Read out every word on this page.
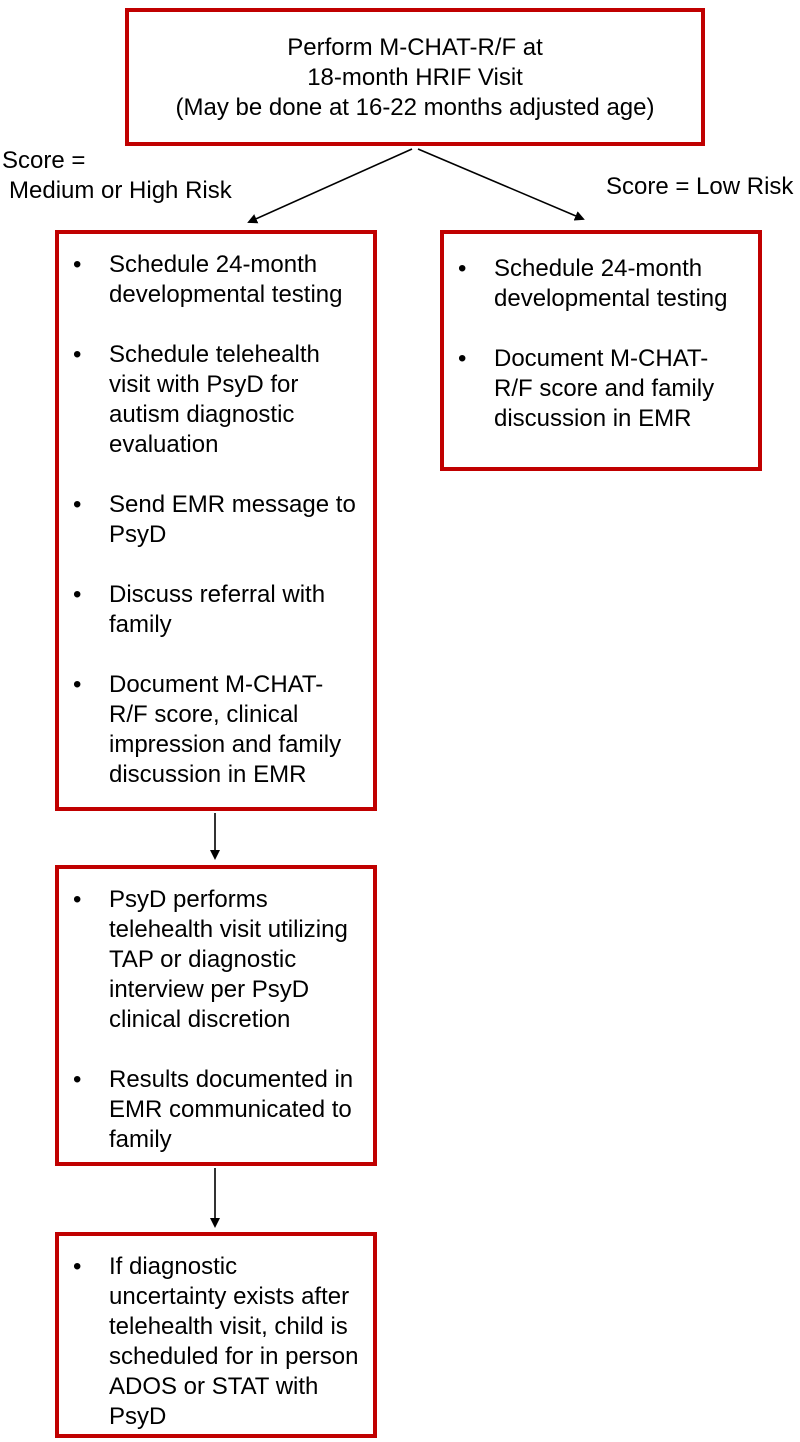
Perform M-CHAT-R/F at
18-month HRIF Visit
(May be done at 16-22 months adjusted age)
Score =
Medium or High Risk	Score = Low Risk
•	Schedule 24-month developmental testing
•	Schedule telehealth visit with PsyD for autism diagnostic evaluation
•	Send EMR message to PsyD
•	Discuss referral with family
•	Document M-CHAT-R/F score, clinical impression and family discussion in EMR
•	Schedule 24-month developmental testing
•	Document M-CHAT-R/F score and family discussion in EMR
•	PsyD performs telehealth visit utilizing TAP or diagnostic interview per PsyD clinical discretion
•	Results documented in EMR communicated to family
•	If diagnostic uncertainty exists after telehealth visit, child is scheduled for in person ADOS or STAT with PsyD
